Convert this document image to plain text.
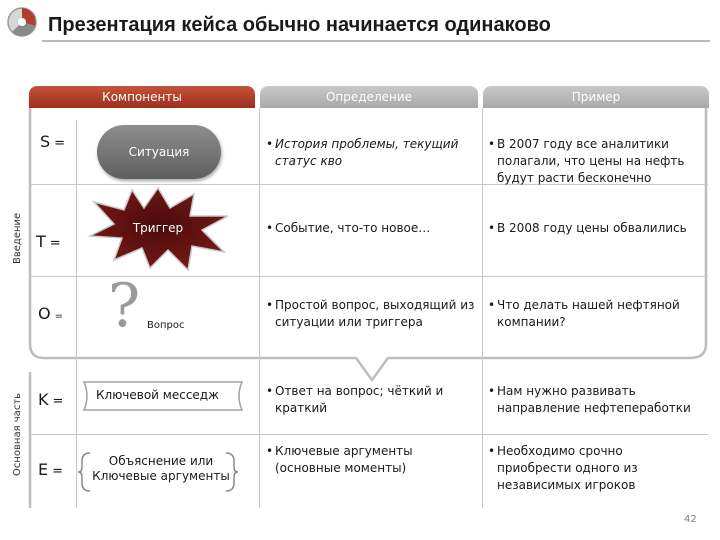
Презентация кейса обычно начинается одинаково
Компоненты	Определение	Пример
Введение
Основная часть
S =
T =
O =
K =
E =
Ситуация
Триггер
? Вопрос
Ключевой месседж
Объяснение или Ключевые аргументы
• История проблемы, текущий статус кво
• Событие, что-то новое…
• Простой вопрос, выходящий из ситуации или триггера
• Ответ на вопрос; чёткий и краткий
• Ключевые аргументы (основные моменты)
• В 2007 году все аналитики полагали, что цены на нефть будут расти бесконечно
• В 2008 году цены обвалились
• Что делать нашей нефтяной компании?
• Нам нужно развивать направление нефтепеработки
• Необходимо срочно приобрести одного из независимых игроков
42
